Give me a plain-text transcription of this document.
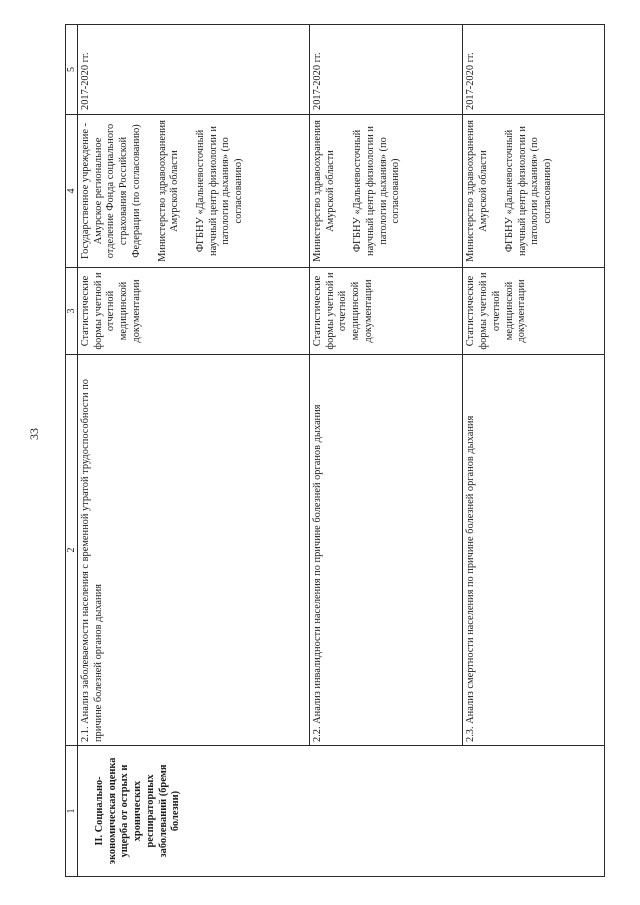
33
1	2	3	4	5

II. Социально-экономическая оценка ущерба от острых и хронических респираторных заболеваний (бремя болезни)	2.1. Анализ заболеваемости населения с временной утратой трудоспособности по причине болезней органов дыхания	Статистические формы учетной и отчетной медицинской документации	Государственное учреждение - Амурское региональное отделение Фонда социального страхования Российской Федерации (по согласованию) Министерство здравоохранения Амурской области ФГБНУ «Дальневосточный научный центр физиологии и патологии дыхания» (по согласованию)	2017-2020 гг.
	2.2. Анализ инвалидности населения по причине болезней органов дыхания	Статистические формы учетной и отчетной медицинской документации	Министерство здравоохранения Амурской области ФГБНУ «Дальневосточный научный центр физиологии и патологии дыхания» (по согласованию)	2017-2020 гг.
	2.3. Анализ смертности населения по причине болезней органов дыхания	Статистические формы учетной и отчетной медицинской документации	Министерство здравоохранения Амурской области ФГБНУ «Дальневосточный научный центр физиологии и патологии дыхания» (по согласованию)	2017-2020 гг.
